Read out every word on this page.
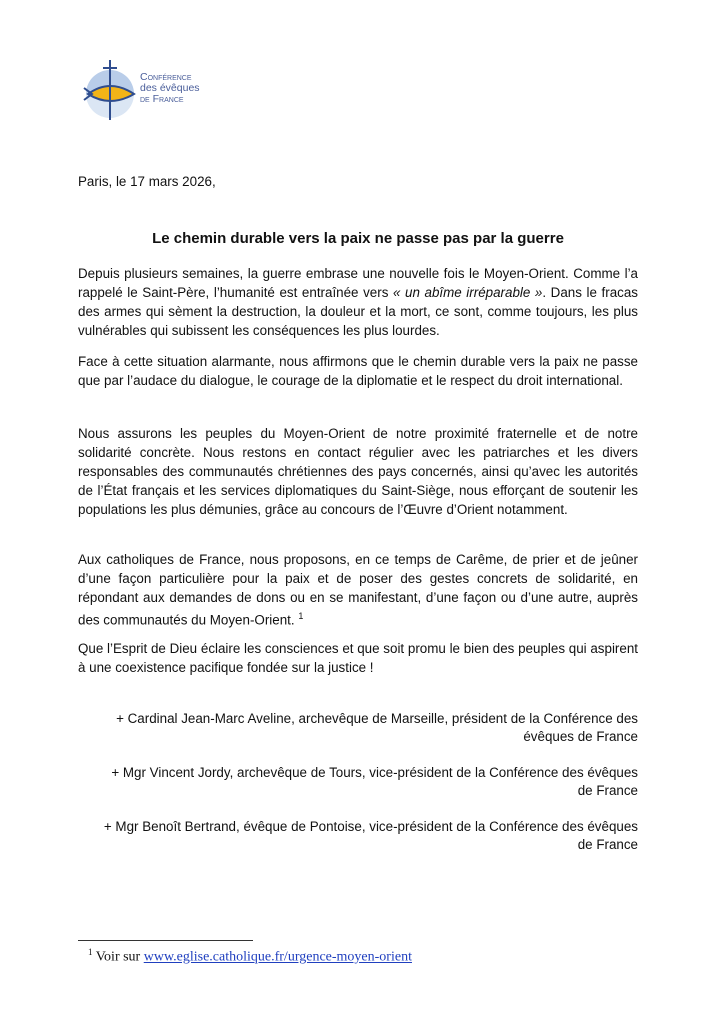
Conférence
des évêques
de France
Paris, le 17 mars 2026,
Le chemin durable vers la paix ne passe pas par la guerre
Depuis plusieurs semaines, la guerre embrase une nouvelle fois le Moyen-Orient. Comme l’a rappelé le Saint-Père, l’humanité est entraînée vers « un abîme irréparable ». Dans le fracas des armes qui sèment la destruction, la douleur et la mort, ce sont, comme toujours, les plus vulnérables qui subissent les conséquences les plus lourdes.
Face à cette situation alarmante, nous affirmons que le chemin durable vers la paix ne passe que par l’audace du dialogue, le courage de la diplomatie et le respect du droit international.
Nous assurons les peuples du Moyen-Orient de notre proximité fraternelle et de notre solidarité concrète. Nous restons en contact régulier avec les patriarches et les divers responsables des communautés chrétiennes des pays concernés, ainsi qu’avec les autorités de l’État français et les services diplomatiques du Saint-Siège, nous efforçant de soutenir les populations les plus démunies, grâce au concours de l’Œuvre d’Orient notamment.
Aux catholiques de France, nous proposons, en ce temps de Carême, de prier et de jeûner d’une façon particulière pour la paix et de poser des gestes concrets de solidarité, en répondant aux demandes de dons ou en se manifestant, d’une façon ou d’une autre, auprès des communautés du Moyen-Orient. $^1$
Que l’Esprit de Dieu éclaire les consciences et que soit promu le bien des peuples qui aspirent à une coexistence pacifique fondée sur la justice !
+ Cardinal Jean-Marc Aveline, archevêque de Marseille, président de la Conférence des
évêques de France
+ Mgr Vincent Jordy, archevêque de Tours, vice-président de la Conférence des évêques
de France
+ Mgr Benoît Bertrand, évêque de Pontoise, vice-président de la Conférence des évêques
de France
$^1$ Voir sur www.eglise.catholique.fr/urgence-moyen-orient
